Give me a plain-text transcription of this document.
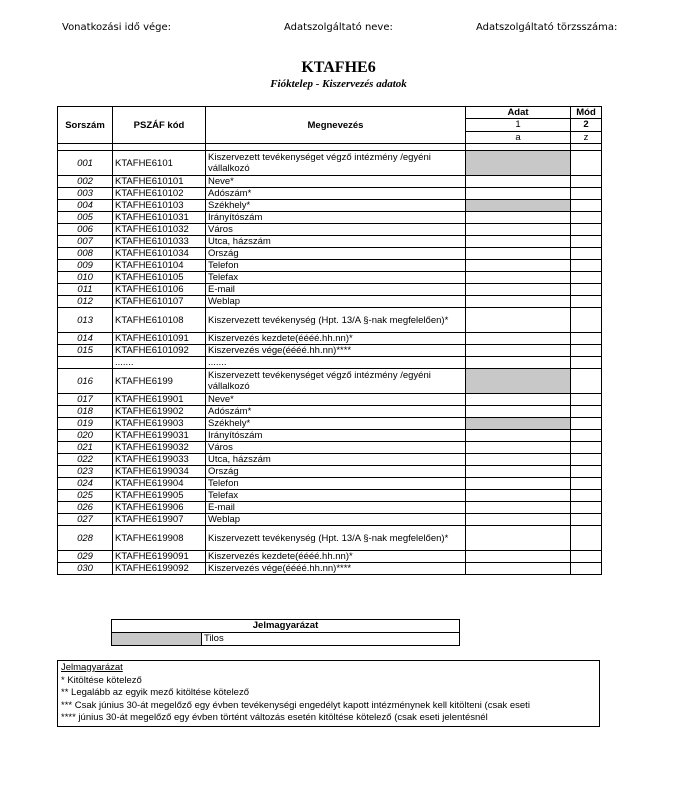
Vonatkozási idő vége:	Adatszolgáltató neve:	Adatszolgáltató törzsszáma:
KTAFHE6
Fióktelep - Kiszervezés adatok
Sorszám	PSZÁF kód	Megnevezés	Adat	Mód
			1	2
			a	z

001	KTAFHE6101	Kiszervezett tevékenységet végző intézmény /egyéni vállalkozó		
002	KTAFHE610101	Neve*		
003	KTAFHE610102	Adószám*		
004	KTAFHE610103	Székhely*		
005	KTAFHE6101031	Irányítószám		
006	KTAFHE6101032	Város		
007	KTAFHE6101033	Utca, házszám		
008	KTAFHE6101034	Ország		
009	KTAFHE610104	Telefon		
010	KTAFHE610105	Telefax		
011	KTAFHE610106	E-mail		
012	KTAFHE610107	Weblap		
013	KTAFHE610108	Kiszervezett tevékenység (Hpt. 13/A §-nak megfelelően)*		
014	KTAFHE6101091	Kiszervezés kezdete(éééé.hh.nn)*		
015	KTAFHE6101092	Kiszervezés vége(éééé.hh.nn)****		
	.......	.......		
016	KTAFHE6199	Kiszervezett tevékenységet végző intézmény /egyéni vállalkozó		
017	KTAFHE619901	Neve*		
018	KTAFHE619902	Adószám*		
019	KTAFHE619903	Székhely*		
020	KTAFHE6199031	Irányítószám		
021	KTAFHE6199032	Város		
022	KTAFHE6199033	Utca, házszám		
023	KTAFHE6199034	Ország		
024	KTAFHE619904	Telefon		
025	KTAFHE619905	Telefax		
026	KTAFHE619906	E-mail		
027	KTAFHE619907	Weblap		
028	KTAFHE619908	Kiszervezett tevékenység (Hpt. 13/A §-nak megfelelően)*		
029	KTAFHE6199091	Kiszervezés kezdete(éééé.hh.nn)*		
030	KTAFHE6199092	Kiszervezés vége(éééé.hh.nn)****		
Jelmagyarázat
	Tilos
Jelmagyarázat
* Kitöltése kötelező
** Legalább az egyik mező kitöltése kötelező
*** Csak június 30-át megelőző egy évben tevékenységi engedélyt kapott intézménynek kell kitölteni (csak eseti
**** június 30-át megelőző egy évben történt változás esetén kitöltése kötelező (csak eseti jelentésnél
